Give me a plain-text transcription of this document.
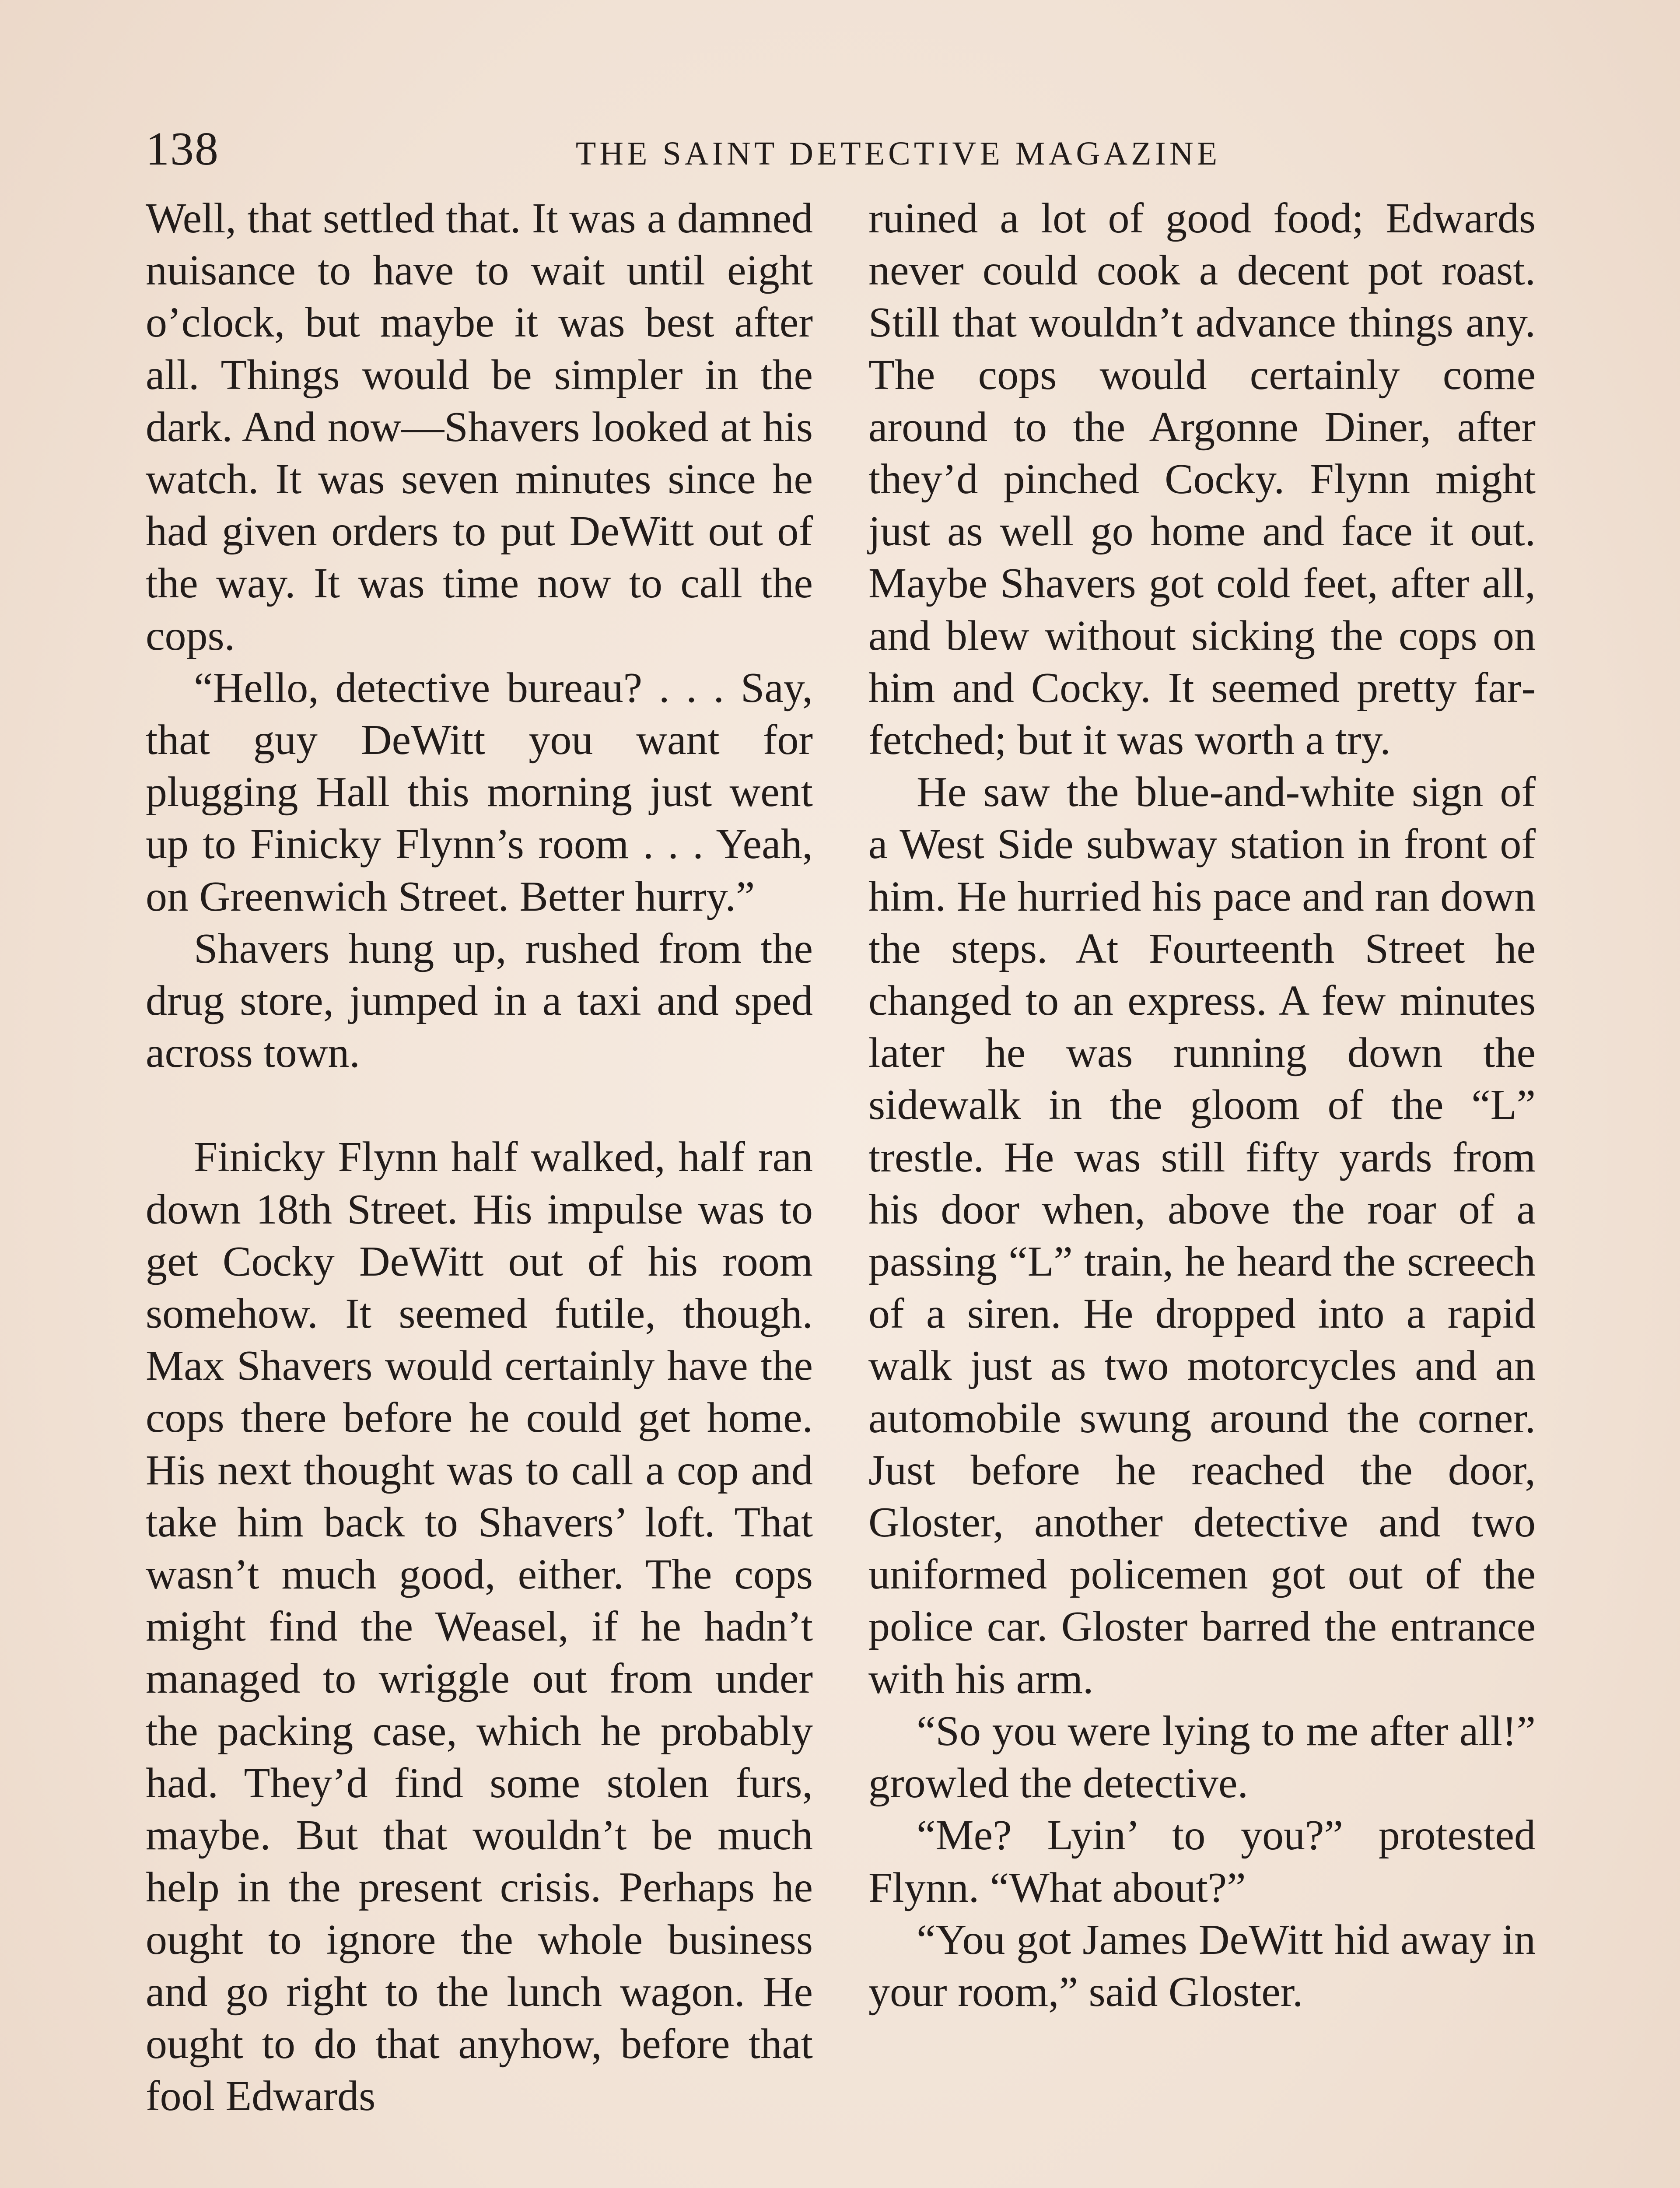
138	THE SAINT DETECTIVE MAGAZINE

Well, that settled that. It was a damned nuisance to have to wait until eight o’clock, but maybe it was best after all. Things would be simpler in the dark. And now—Shavers looked at his watch. It was seven minutes since he had given orders to put DeWitt out of the way. It was time now to call the cops.

“Hello, detective bureau? . . . Say, that guy DeWitt you want for plugging Hall this morning just went up to Finicky Flynn’s room . . . Yeah, on Greenwich Street. Better hurry.”

Shavers hung up, rushed from the drug store, jumped in a taxi and sped across town.

Finicky Flynn half walked, half ran down 18th Street. His impulse was to get Cocky DeWitt out of his room somehow. It seemed futile, though. Max Shavers would certainly have the cops there before he could get home. His next thought was to call a cop and take him back to Shavers’ loft. That wasn’t much good, either. The cops might find the Weasel, if he hadn’t managed to wriggle out from under the packing case, which he probably had. They’d find some stolen furs, maybe. But that wouldn’t be much help in the present crisis. Perhaps he ought to ignore the whole business and go right to the lunch wagon. He ought to do that anyhow, before that fool Edwards

ruined a lot of good food; Edwards never could cook a decent pot roast. Still that wouldn’t advance things any. The cops would certainly come around to the Argonne Diner, after they’d pinched Cocky. Flynn might just as well go home and face it out. Maybe Shavers got cold feet, after all, and blew without sicking the cops on him and Cocky. It seemed pretty farfetched; but it was worth a try.

He saw the blue-and-white sign of a West Side subway station in front of him. He hurried his pace and ran down the steps. At Fourteenth Street he changed to an express. A few minutes later he was running down the sidewalk in the gloom of the “L” trestle. He was still fifty yards from his door when, above the roar of a passing “L” train, he heard the screech of a siren. He dropped into a rapid walk just as two motorcycles and an automobile swung around the corner. Just before he reached the door, Gloster, another detective and two uniformed policemen got out of the police car. Gloster barred the entrance with his arm.

“So you were lying to me after all!” growled the detective.

“Me? Lyin’ to you?” protested Flynn. “What about?”

“You got James DeWitt hid away in your room,” said Gloster.
